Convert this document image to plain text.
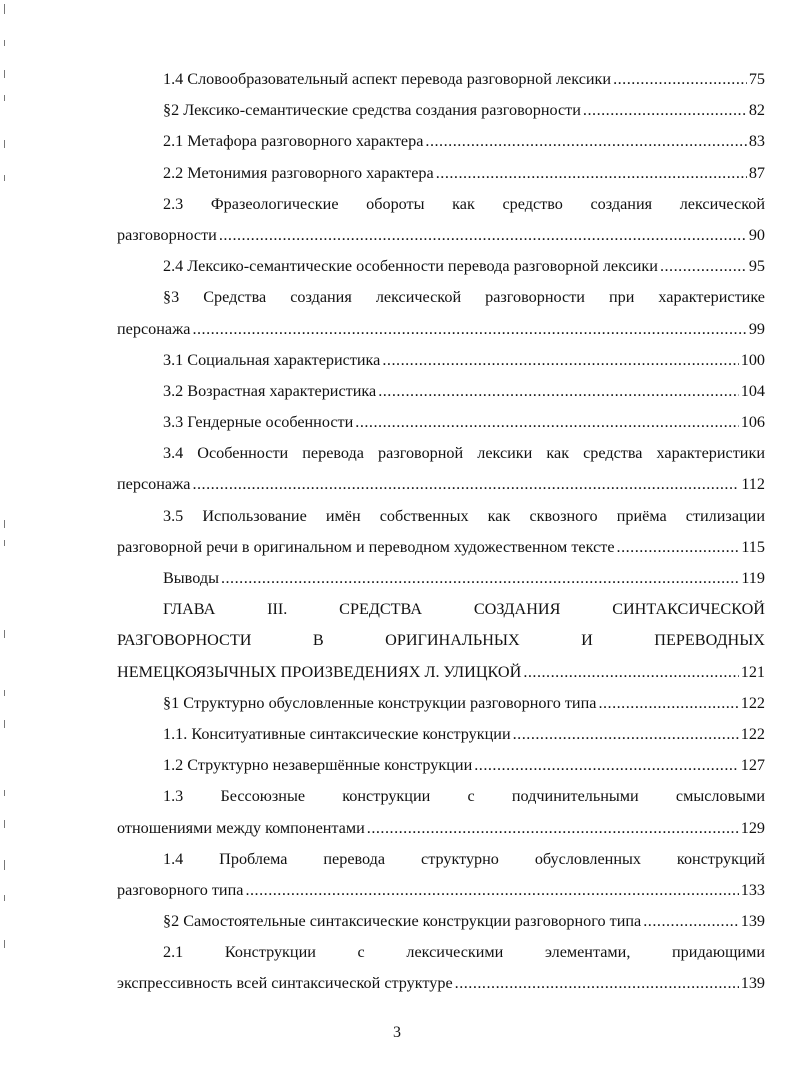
1.4 Словообразовательный аспект перевода разговорной лексики .....	75
§2 Лексико-семантические средства создания разговорности .....	82
2.1 Метафора разговорного характера .....	83
2.2 Метонимия разговорного характера .....	87
2.3 Фразеологические обороты как средство создания лексической
разговорности .....	90
2.4 Лексико-семантические особенности перевода разговорной лексики .....	95
§3 Средства создания лексической разговорности при характеристике
персонажа .....	99
3.1 Социальная характеристика .....	100
3.2 Возрастная характеристика .....	104
3.3 Гендерные особенности .....	106
3.4 Особенности перевода разговорной лексики как средства характеристики
персонажа .....	112
3.5 Использование имён собственных как сквозного приёма стилизации
разговорной речи в оригинальном и переводном художественном тексте .....	115
Выводы .....	119
ГЛАВА III. СРЕДСТВА СОЗДАНИЯ СИНТАКСИЧЕСКОЙ
РАЗГОВОРНОСТИ В ОРИГИНАЛЬНЫХ И ПЕРЕВОДНЫХ
НЕМЕЦКОЯЗЫЧНЫХ ПРОИЗВЕДЕНИЯХ Л. УЛИЦКОЙ .....	121
§1 Структурно обусловленные конструкции разговорного типа .....	122
1.1. Конситуативные синтаксические конструкции .....	122
1.2 Структурно незавершённые конструкции .....	127
1.3 Бессоюзные конструкции с подчинительными смысловыми
отношениями между компонентами .....	129
1.4 Проблема перевода структурно обусловленных конструкций
разговорного типа .....	133
§2 Самостоятельные синтаксические конструкции разговорного типа .....	139
2.1 Конструкции с лексическими элементами, придающими
экспрессивность всей синтаксической структуре .....	139
3
